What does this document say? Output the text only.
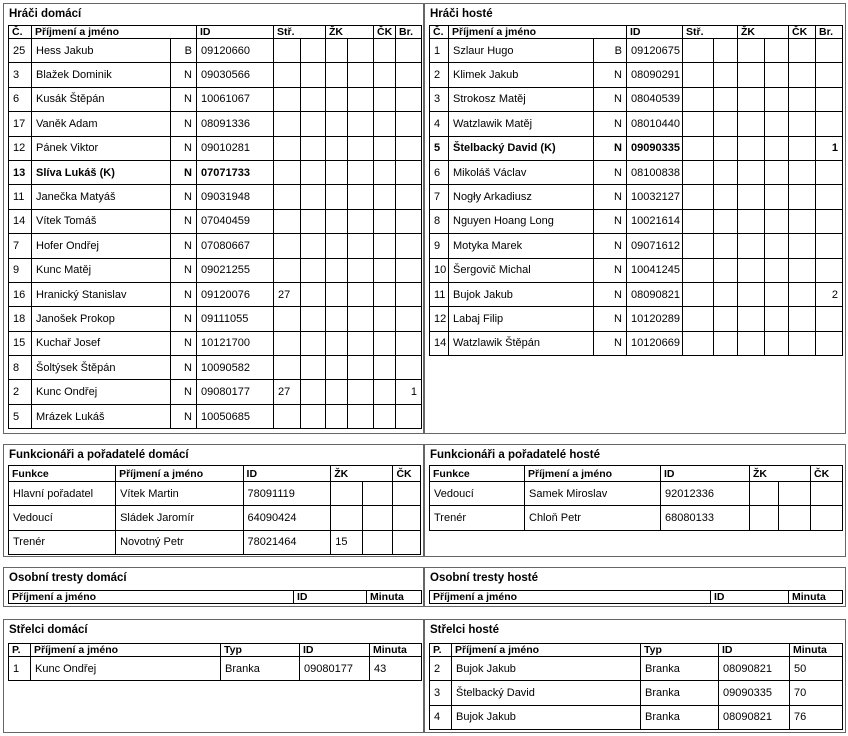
Hráči domácí
Č.	Příjmení a jméno		ID	Stř.		ŽK		ČK	Br.
25	Hess Jakub	B	09120660						
3	Blažek Dominik	N	09030566						
6	Kusák Štěpán	N	10061067						
17	Vaněk Adam	N	08091336						
12	Pánek Viktor	N	09010281						
13	Slíva Lukáš (K)	N	07071733						
11	Janečka Matyáš	N	09031948						
14	Vítek Tomáš	N	07040459						
7	Hofer Ondřej	N	07080667						
9	Kunc Matěj	N	09021255						
16	Hranický Stanislav	N	09120076	27					
18	Janošek Prokop	N	09111055						
15	Kuchař Josef	N	10121700						
8	Šoltýsek Štěpán	N	10090582						
2	Kunc Ondřej	N	09080177	27					1
5	Mrázek Lukáš	N	10050685						
Hráči hosté
Č.	Příjmení a jméno		ID	Stř.		ŽK		ČK	Br.
1	Szlaur Hugo	B	09120675						
2	Klimek Jakub	N	08090291						
3	Strokosz Matěj	N	08040539						
4	Watzlawik Matěj	N	08010440						
5	Štelbacký David (K)	N	09090335						1
6	Mikoláš Václav	N	08100838						
7	Nogły Arkadiusz	N	10032127						
8	Nguyen Hoang Long	N	10021614						
9	Motyka Marek	N	09071612						
10	Šergovič Michal	N	10041245						
11	Bujok Jakub	N	08090821						2
12	Labaj Filip	N	10120289						
14	Watzlawik Štěpán	N	10120669						
Funkcionáři a pořadatelé domácí
Funkce	Příjmení a jméno	ID	ŽK		ČK
Hlavní pořadatel	Vítek Martin	78091119			
Vedoucí	Sládek Jaromír	64090424			
Trenér	Novotný Petr	78021464	15		
Funkcionáři a pořadatelé hosté
Funkce	Příjmení a jméno	ID	ŽK		ČK
Vedoucí	Samek Miroslav	92012336			
Trenér	Chloň Petr	68080133			
Osobní tresty domácí
Příjmení a jméno	ID	Minuta
Osobní tresty hosté
Příjmení a jméno	ID	Minuta
Střelci domácí
P.	Příjmení a jméno	Typ	ID	Minuta
1	Kunc Ondřej	Branka	09080177	43
Střelci hosté
P.	Příjmení a jméno	Typ	ID	Minuta
2	Bujok Jakub	Branka	08090821	50
3	Štelbacký David	Branka	09090335	70
4	Bujok Jakub	Branka	08090821	76
